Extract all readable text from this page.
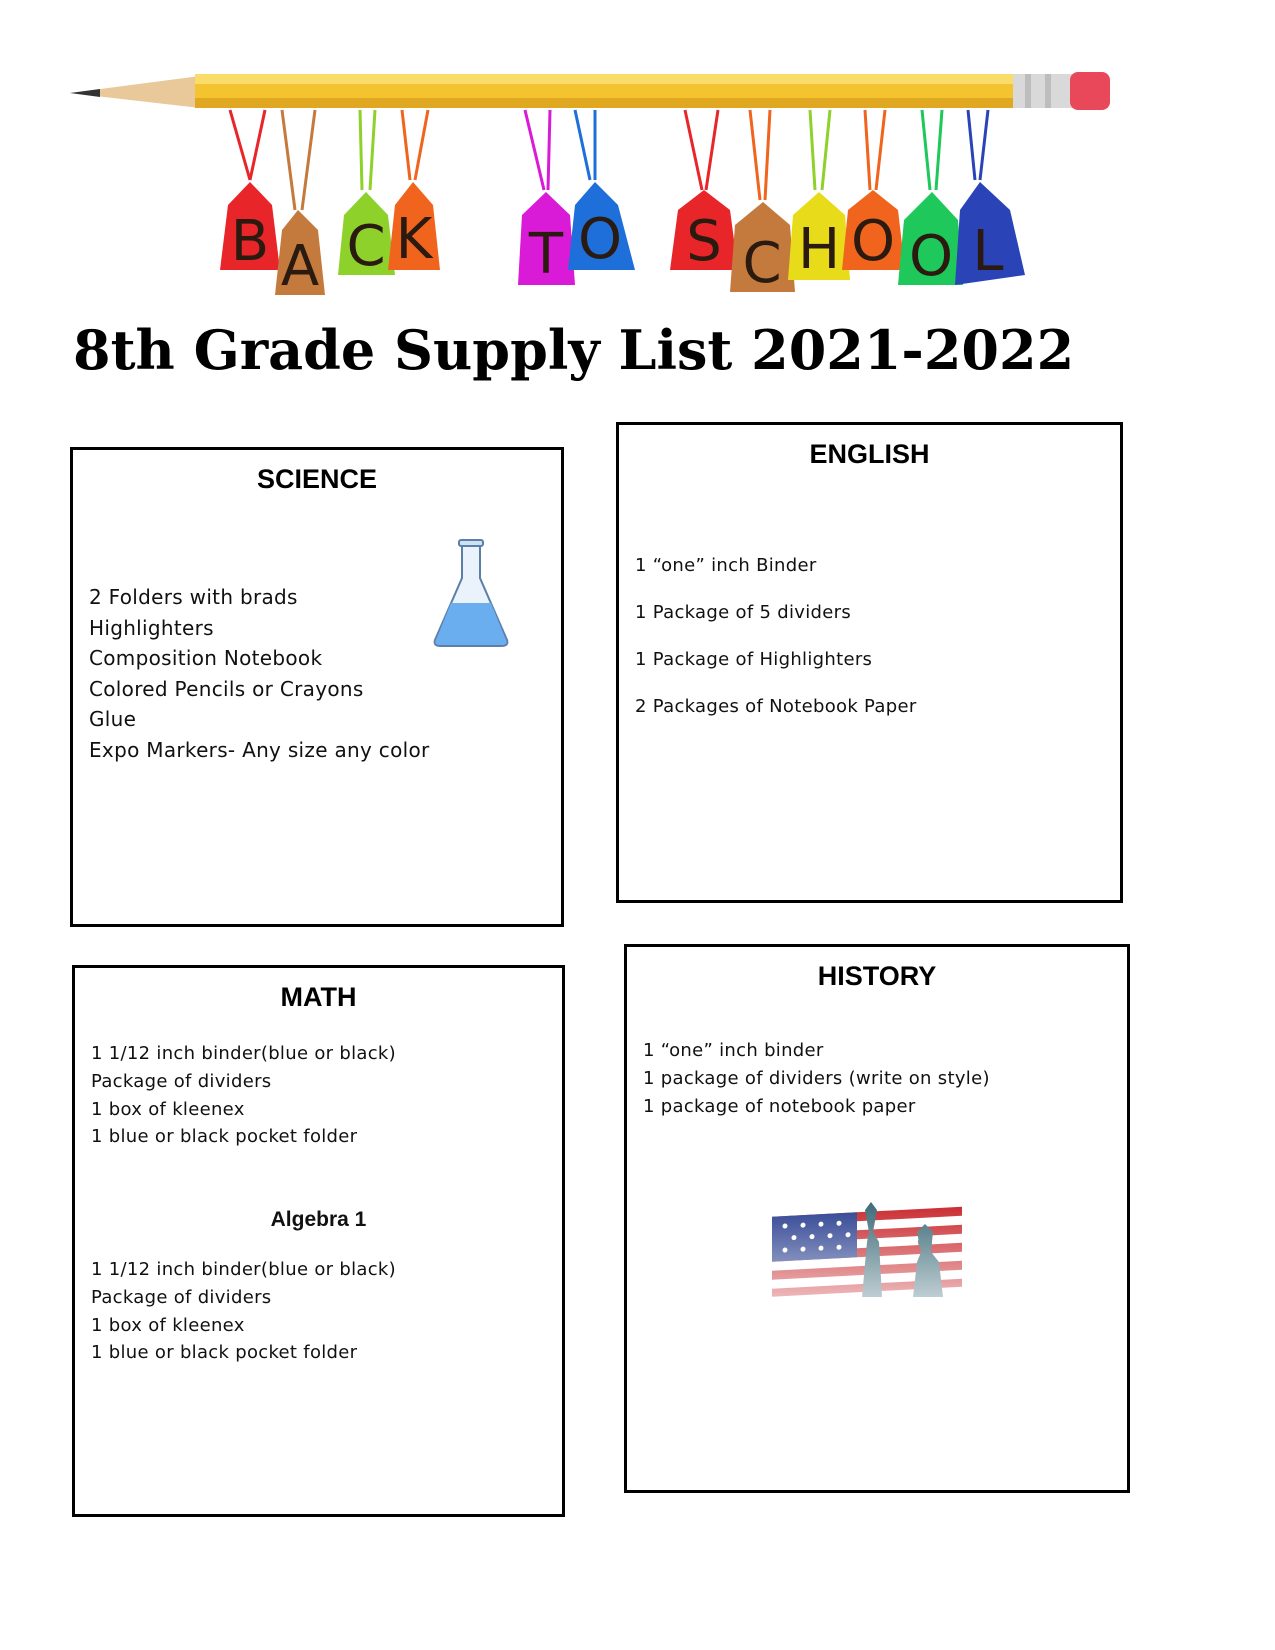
B A C K T O S C H O O L
8th Grade Supply List 2021-2022
SCIENCE
2 Folders with brads
Highlighters
Composition Notebook
Colored Pencils or Crayons
Glue
Expo Markers- Any size any color
ENGLISH
1 “one” inch Binder
1 Package of 5 dividers
1 Package of Highlighters
2 Packages of Notebook Paper
MATH
1 1/12 inch binder(blue or black)
Package of dividers
1 box of kleenex
1 blue or black pocket folder
Algebra 1
1 1/12 inch binder(blue or black)
Package of dividers
1 box of kleenex
1 blue or black pocket folder
HISTORY
1 “one” inch binder
1 package of dividers (write on style)
1 package of notebook paper
